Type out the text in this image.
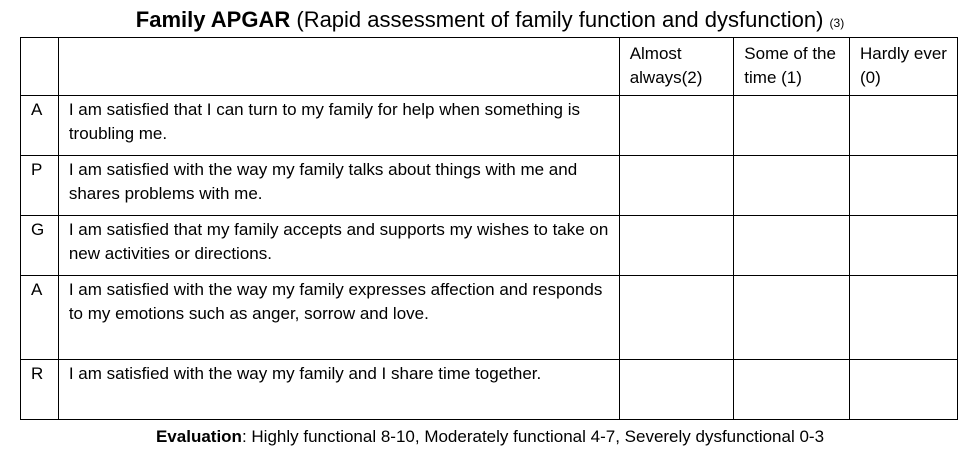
Family APGAR (Rapid assessment of family function and dysfunction) (3)
		Almost always(2)	Some of the time (1)	Hardly ever (0)
A	I am satisfied that I can turn to my family for help when something is troubling me.			
P	I am satisfied with the way my family talks about things with me and shares problems with me.			
G	I am satisfied that my family accepts and supports my wishes to take on new activities or directions.			
A	I am satisfied with the way my family expresses affection and responds to my emotions such as anger, sorrow and love.			
R	I am satisfied with the way my family and I share time together.			
Evaluation: Highly functional 8-10, Moderately functional 4-7, Severely dysfunctional 0-3
